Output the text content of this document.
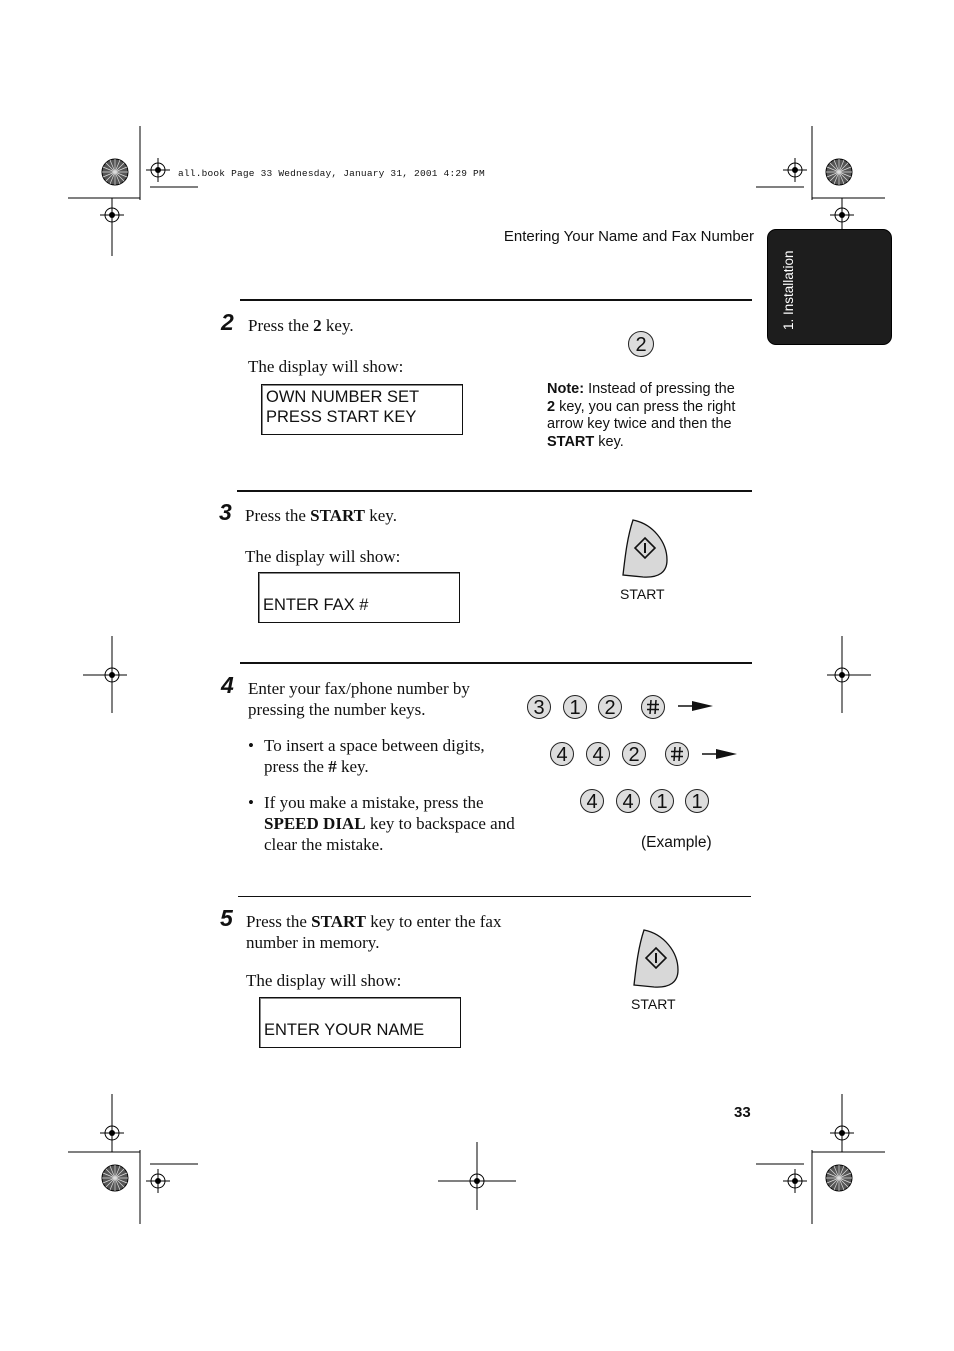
all.book Page 33 Wednesday, January 31, 2001 4:29 PM
Entering Your Name and Fax Number
1. Installation
2 Press the 2 key.
The display will show:
OWN NUMBER SET
PRESS START KEY
2
Note: Instead of pressing the
2 key, you can press the right arrow key twice and then the START key.
3 Press the START key.
The display will show:
ENTER FAX #
START
4 Enter your fax/phone number by pressing the number keys.
• To insert a space between digits, press the # key.
• If you make a mistake, press the SPEED DIAL key to backspace and clear the mistake.
3	1	2
4	4	2
4	4	1	1
(Example)
5 Press the START key to enter the fax number in memory.
The display will show:
ENTER YOUR NAME
START
33
